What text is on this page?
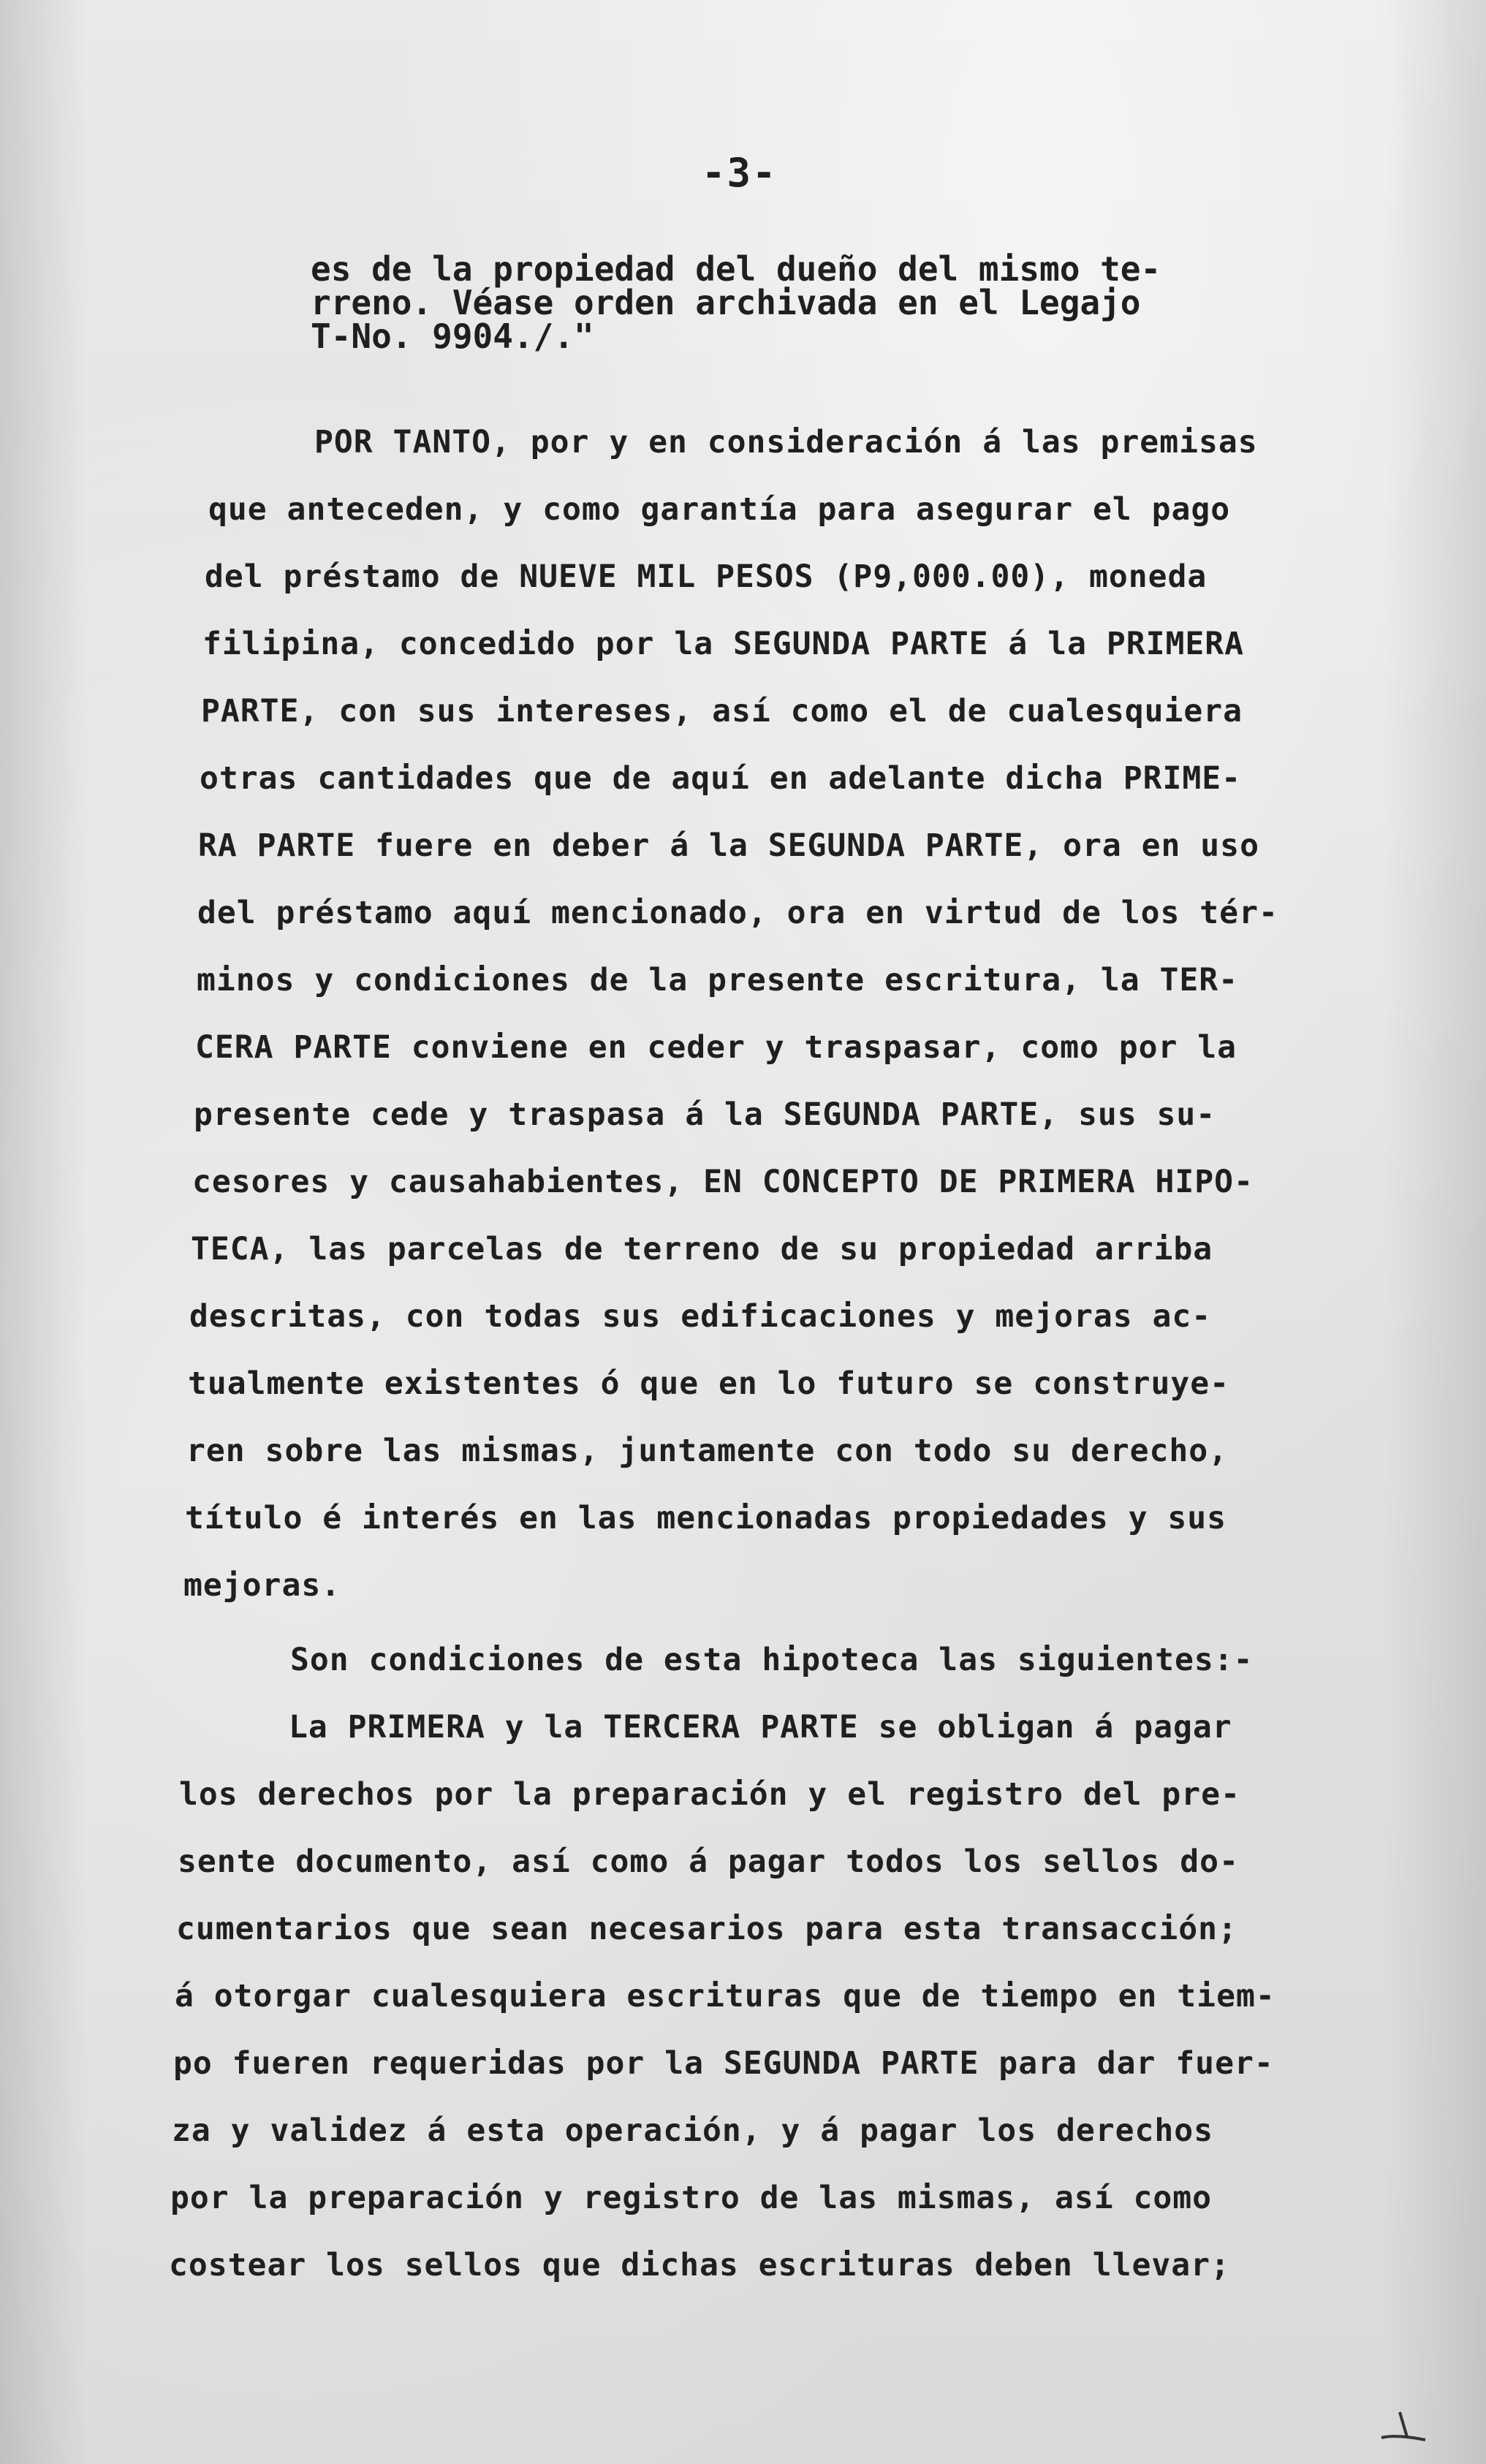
-3-
es de la propiedad del dueño del mismo te-
rreno. Véase orden archivada en el Legajo
T-No. 9904./."
POR TANTO, por y en consideración á las premisas
que anteceden, y como garantía para asegurar el pago
del préstamo de NUEVE MIL PESOS (P9,000.00), moneda
filipina, concedido por la SEGUNDA PARTE á la PRIMERA
PARTE, con sus intereses, así como el de cualesquiera
otras cantidades que de aquí en adelante dicha PRIME-
RA PARTE fuere en deber á la SEGUNDA PARTE, ora en uso
del préstamo aquí mencionado, ora en virtud de los tér-
minos y condiciones de la presente escritura, la TER-
CERA PARTE conviene en ceder y traspasar, como por la
presente cede y traspasa á la SEGUNDA PARTE, sus su-
cesores y causahabientes, EN CONCEPTO DE PRIMERA HIPO-
TECA, las parcelas de terreno de su propiedad arriba
descritas, con todas sus edificaciones y mejoras ac-
tualmente existentes ó que en lo futuro se construye-
ren sobre las mismas, juntamente con todo su derecho,
título é interés en las mencionadas propiedades y sus
mejoras.
Son condiciones de esta hipoteca las siguientes:-
La PRIMERA y la TERCERA PARTE se obligan á pagar
los derechos por la preparación y el registro del pre-
sente documento, así como á pagar todos los sellos do-
cumentarios que sean necesarios para esta transacción;
á otorgar cualesquiera escrituras que de tiempo en tiem-
po fueren requeridas por la SEGUNDA PARTE para dar fuer-
za y validez á esta operación, y á pagar los derechos
por la preparación y registro de las mismas, así como
costear los sellos que dichas escrituras deben llevar;
